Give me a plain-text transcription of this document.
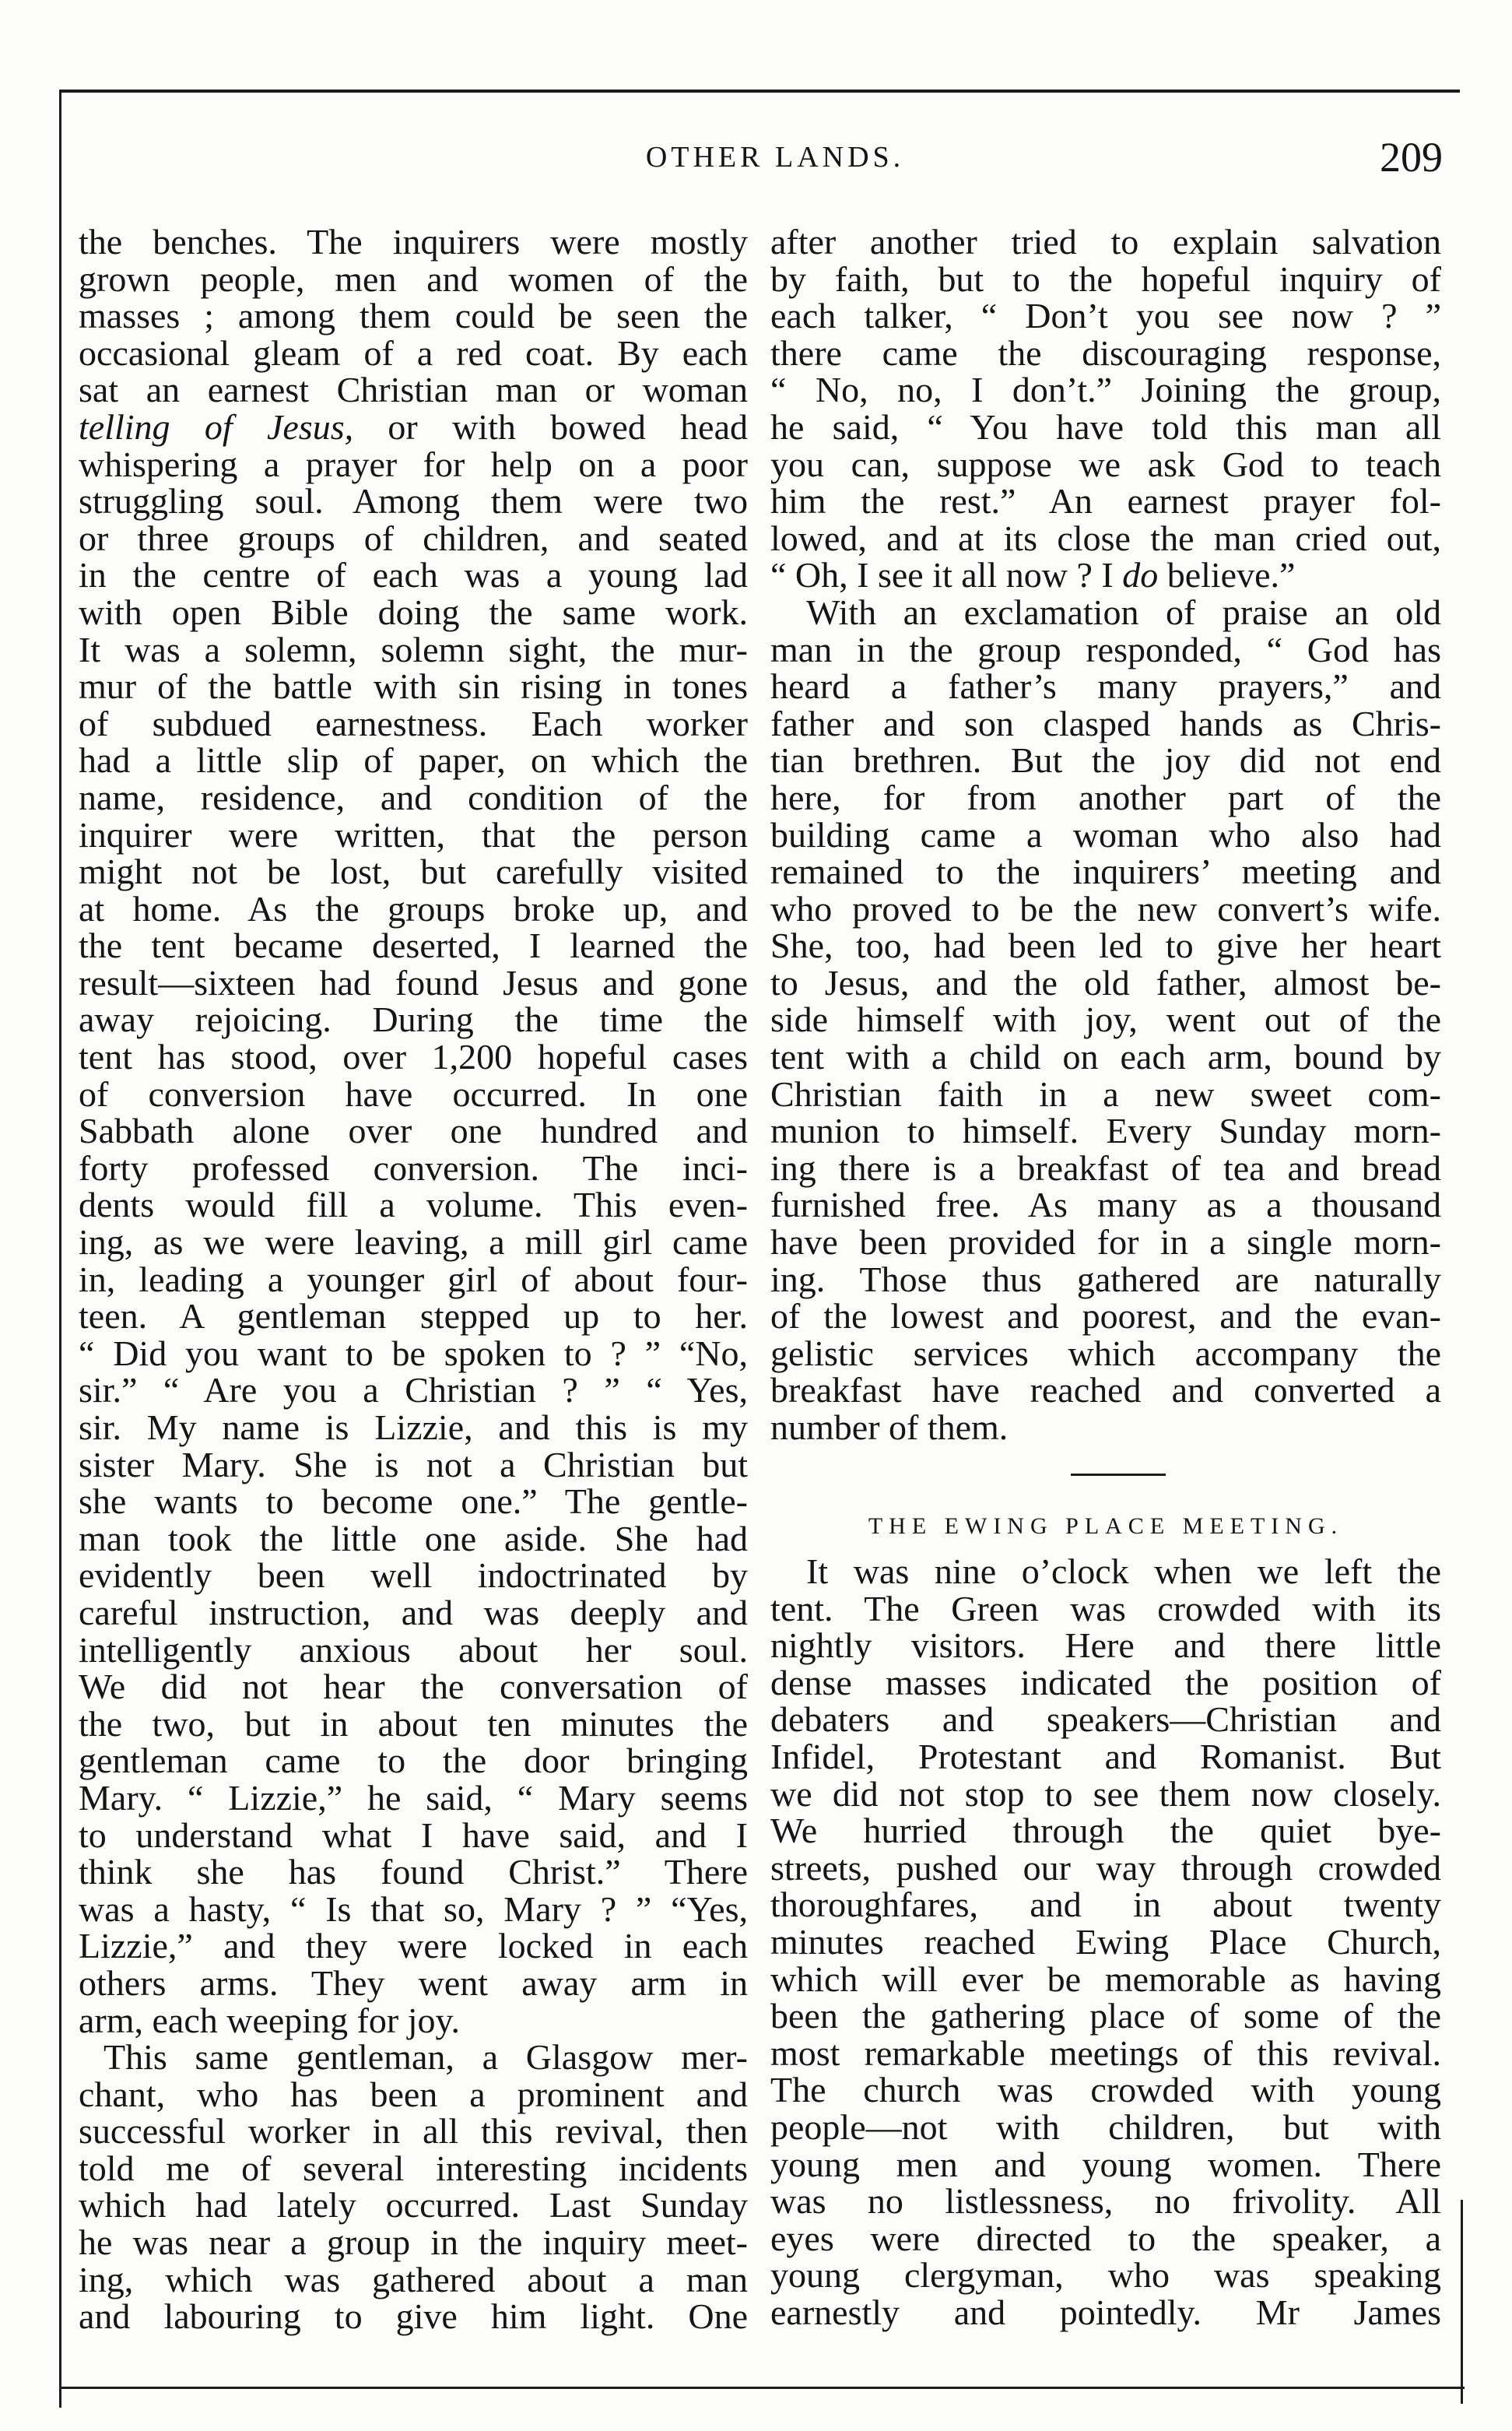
OTHER LANDS.	209
the benches. The inquirers were mostly
grown people, men and women of the
masses ; among them could be seen the
occasional gleam of a red coat. By each
sat an earnest Christian man or woman
telling of Jesus, or with bowed head
whispering a prayer for help on a poor
struggling soul. Among them were two
or three groups of children, and seated
in the centre of each was a young lad
with open Bible doing the same work.
It was a solemn, solemn sight, the mur-
mur of the battle with sin rising in tones
of subdued earnestness. Each worker
had a little slip of paper, on which the
name, residence, and condition of the
inquirer were written, that the person
might not be lost, but carefully visited
at home. As the groups broke up, and
the tent became deserted, I learned the
result—sixteen had found Jesus and gone
away rejoicing. During the time the
tent has stood, over 1,200 hopeful cases
of conversion have occurred. In one
Sabbath alone over one hundred and
forty professed conversion. The inci-
dents would fill a volume. This even-
ing, as we were leaving, a mill girl came
in, leading a younger girl of about four-
teen. A gentleman stepped up to her.
“ Did you want to be spoken to ? ” “No,
sir.” “ Are you a Christian ? ” “ Yes,
sir. My name is Lizzie, and this is my
sister Mary. She is not a Christian but
she wants to become one.” The gentle-
man took the little one aside. She had
evidently been well indoctrinated by
careful instruction, and was deeply and
intelligently anxious about her soul.
We did not hear the conversation of
the two, but in about ten minutes the
gentleman came to the door bringing
Mary. “ Lizzie,” he said, “ Mary seems
to understand what I have said, and I
think she has found Christ.” There
was a hasty, “ Is that so, Mary ? ” “Yes,
Lizzie,” and they were locked in each
others arms. They went away arm in
arm, each weeping for joy.
This same gentleman, a Glasgow mer-
chant, who has been a prominent and
successful worker in all this revival, then
told me of several interesting incidents
which had lately occurred. Last Sunday
he was near a group in the inquiry meet-
ing, which was gathered about a man
and labouring to give him light. One
after another tried to explain salvation
by faith, but to the hopeful inquiry of
each talker, “ Don’t you see now ? ”
there came the discouraging response,
“ No, no, I don’t.” Joining the group,
he said, “ You have told this man all
you can, suppose we ask God to teach
him the rest.” An earnest prayer fol-
lowed, and at its close the man cried out,
“ Oh, I see it all now ? I do believe.”
With an exclamation of praise an old
man in the group responded, “ God has
heard a father’s many prayers,” and
father and son clasped hands as Chris-
tian brethren. But the joy did not end
here, for from another part of the
building came a woman who also had
remained to the inquirers’ meeting and
who proved to be the new convert’s wife.
She, too, had been led to give her heart
to Jesus, and the old father, almost be-
side himself with joy, went out of the
tent with a child on each arm, bound by
Christian faith in a new sweet com-
munion to himself. Every Sunday morn-
ing there is a breakfast of tea and bread
furnished free. As many as a thousand
have been provided for in a single morn-
ing. Those thus gathered are naturally
of the lowest and poorest, and the evan-
gelistic services which accompany the
breakfast have reached and converted a
number of them.
THE EWING PLACE MEETING.
It was nine o’clock when we left the
tent. The Green was crowded with its
nightly visitors. Here and there little
dense masses indicated the position of
debaters and speakers—Christian and
Infidel, Protestant and Romanist. But
we did not stop to see them now closely.
We hurried through the quiet bye-
streets, pushed our way through crowded
thoroughfares, and in about twenty
minutes reached Ewing Place Church,
which will ever be memorable as having
been the gathering place of some of the
most remarkable meetings of this revival.
The church was crowded with young
people—not with children, but with
young men and young women. There
was no listlessness, no frivolity. All
eyes were directed to the speaker, a
young clergyman, who was speaking
earnestly and pointedly. Mr James
